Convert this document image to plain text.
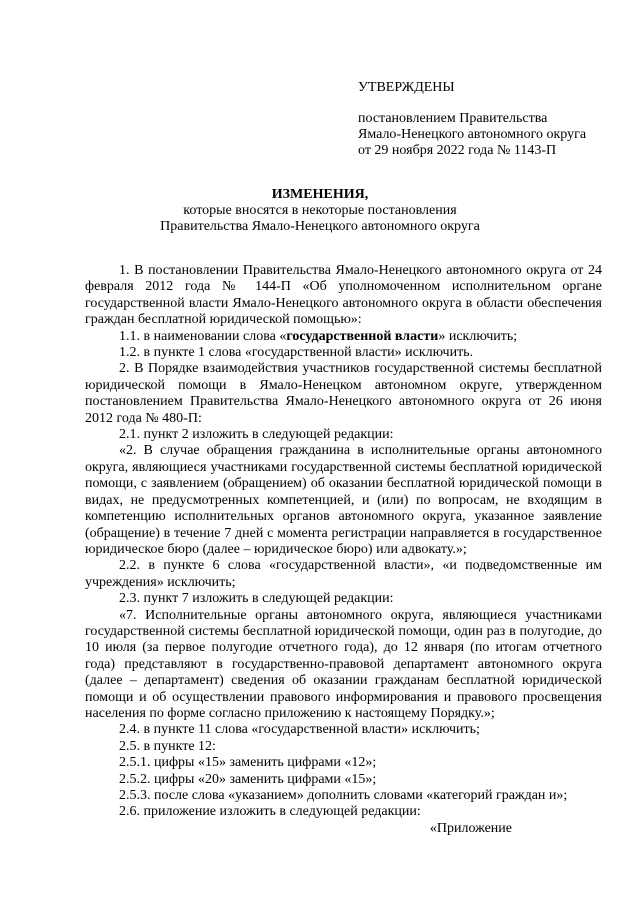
УТВЕРЖДЕНЫ
постановлением Правительства
Ямало-Ненецкого автономного округа
от 29 ноября 2022 года № 1143-П
ИЗМЕНЕНИЯ,
которые вносятся в некоторые постановления
Правительства Ямало-Ненецкого автономного округа

1. В постановлении Правительства Ямало-Ненецкого автономного округа от 24 февраля 2012 года № 144-П «Об уполномоченном исполнительном органе государственной власти Ямало-Ненецкого автономного округа в области обеспечения граждан бесплатной юридической помощью»:

1.1. в наименовании слова «государственной власти» исключить;

1.2. в пункте 1 слова «государственной власти» исключить.

2. В Порядке взаимодействия участников государственной системы бесплатной юридической помощи в Ямало-Ненецком автономном округе, утвержденном постановлением Правительства Ямало-Ненецкого автономного округа от 26 июня 2012 года № 480-П:

2.1. пункт 2 изложить в следующей редакции:

«2. В случае обращения гражданина в исполнительные органы автономного округа, являющиеся участниками государственной системы бесплатной юридической помощи, с заявлением (обращением) об оказании бесплатной юридической помощи в видах, не предусмотренных компетенцией, и (или) по вопросам, не входящим в компетенцию исполнительных органов автономного округа, указанное заявление (обращение) в течение 7 дней с момента регистрации направляется в государственное юридическое бюро (далее – юридическое бюро) или адвокату.»;

2.2. в пункте 6 слова «государственной власти», «и подведомственные им учреждения» исключить;

2.3. пункт 7 изложить в следующей редакции:

«7. Исполнительные органы автономного округа, являющиеся участниками государственной системы бесплатной юридической помощи, один раз в полугодие, до 10 июля (за первое полугодие отчетного года), до 12 января (по итогам отчетного года) представляют в государственно-правовой департамент автономного округа (далее – департамент) сведения об оказании гражданам бесплатной юридической помощи и об осуществлении правового информирования и правового просвещения населения по форме согласно приложению к настоящему Порядку.»;

2.4. в пункте 11 слова «государственной власти» исключить;

2.5. в пункте 12:

2.5.1. цифры «15» заменить цифрами «12»;

2.5.2. цифры «20» заменить цифрами «15»;

2.5.3. после слова «указанием» дополнить словами «категорий граждан и»;

2.6. приложение изложить в следующей редакции:

«Приложение
